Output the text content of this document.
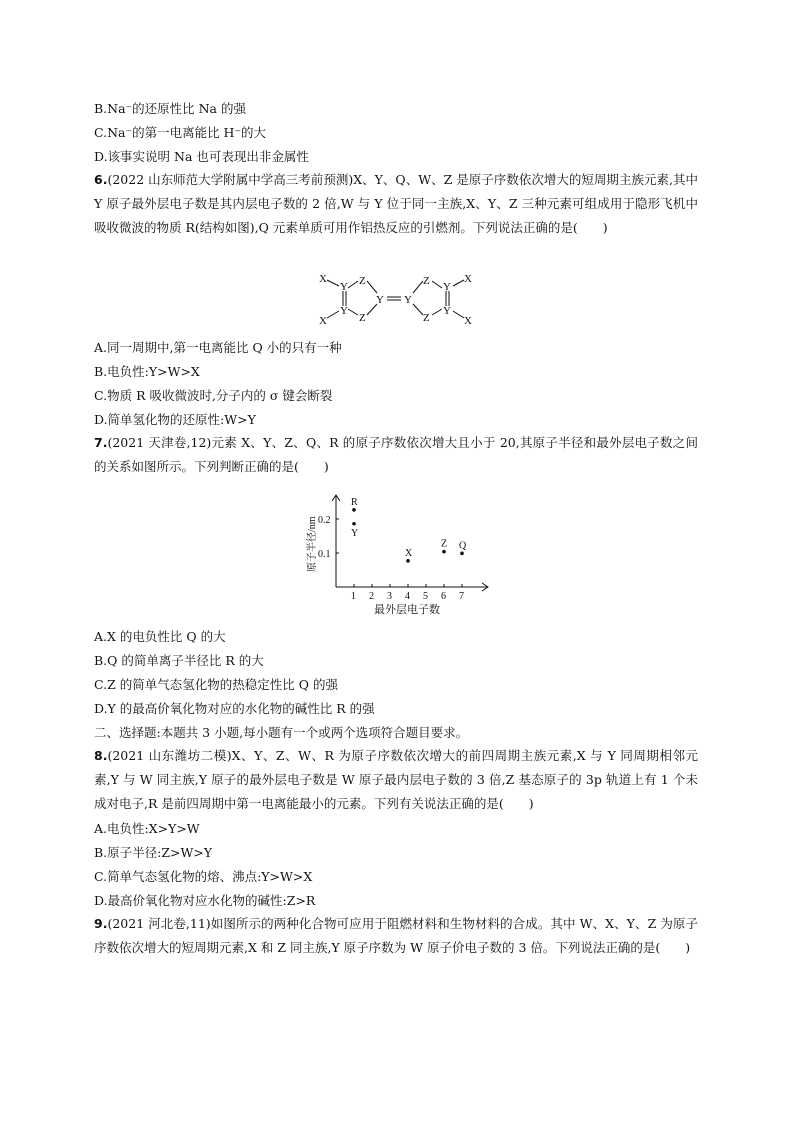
B.Na⁻的还原性比 Na 的强
C.Na⁻的第一电离能比 H⁻的大
D.该事实说明 Na 也可表现出非金属性
6.(2022 山东师范大学附属中学高三考前预测)X、Y、Q、W、Z 是原子序数依次增大的短周期主族元素,其中 Y 原子最外层电子数是其内层电子数的 2 倍,W 与 Y 位于同一主族,X、Y、Z 三种元素可组成用于隐形飞机中吸收微波的物质 R(结构如图),Q 元素单质可用作铝热反应的引燃剂。下列说法正确的是(　　)
X
X
Y
Y
Z
Z
Y Y
Z
Z
Y
Y
X
X
A.同一周期中,第一电离能比 Q 小的只有一种
B.电负性:Y>W>X
C.物质 R 吸收微波时,分子内的 σ 键会断裂
D.简单氢化物的还原性:W>Y
7.(2021 天津卷,12)元素 X、Y、Z、Q、R 的原子序数依次增大且小于 20,其原子半径和最外层电子数之间的关系如图所示。下列判断正确的是(　　)
原子半径/nm
最外层电子数
1 2 3 4 5 6 7
0.1
0.2
R
Y
X
Z Q
A.X 的电负性比 Q 的大
B.Q 的简单离子半径比 R 的大
C.Z 的简单气态氢化物的热稳定性比 Q 的强
D.Y 的最高价氧化物对应的水化物的碱性比 R 的强
二、选择题:本题共 3 小题,每小题有一个或两个选项符合题目要求。
8.(2021 山东潍坊二模)X、Y、Z、W、R 为原子序数依次增大的前四周期主族元素,X 与 Y 同周期相邻元素,Y 与 W 同主族,Y 原子的最外层电子数是 W 原子最内层电子数的 3 倍,Z 基态原子的 3p 轨道上有 1 个未成对电子,R 是前四周期中第一电离能最小的元素。下列有关说法正确的是(　　)
A.电负性:X>Y>W
B.原子半径:Z>W>Y
C.简单气态氢化物的熔、沸点:Y>W>X
D.最高价氧化物对应水化物的碱性:Z>R
9.(2021 河北卷,11)如图所示的两种化合物可应用于阻燃材料和生物材料的合成。其中 W、X、Y、Z 为原子序数依次增大的短周期元素,X 和 Z 同主族,Y 原子序数为 W 原子价电子数的 3 倍。下列说法正确的是(　　)
